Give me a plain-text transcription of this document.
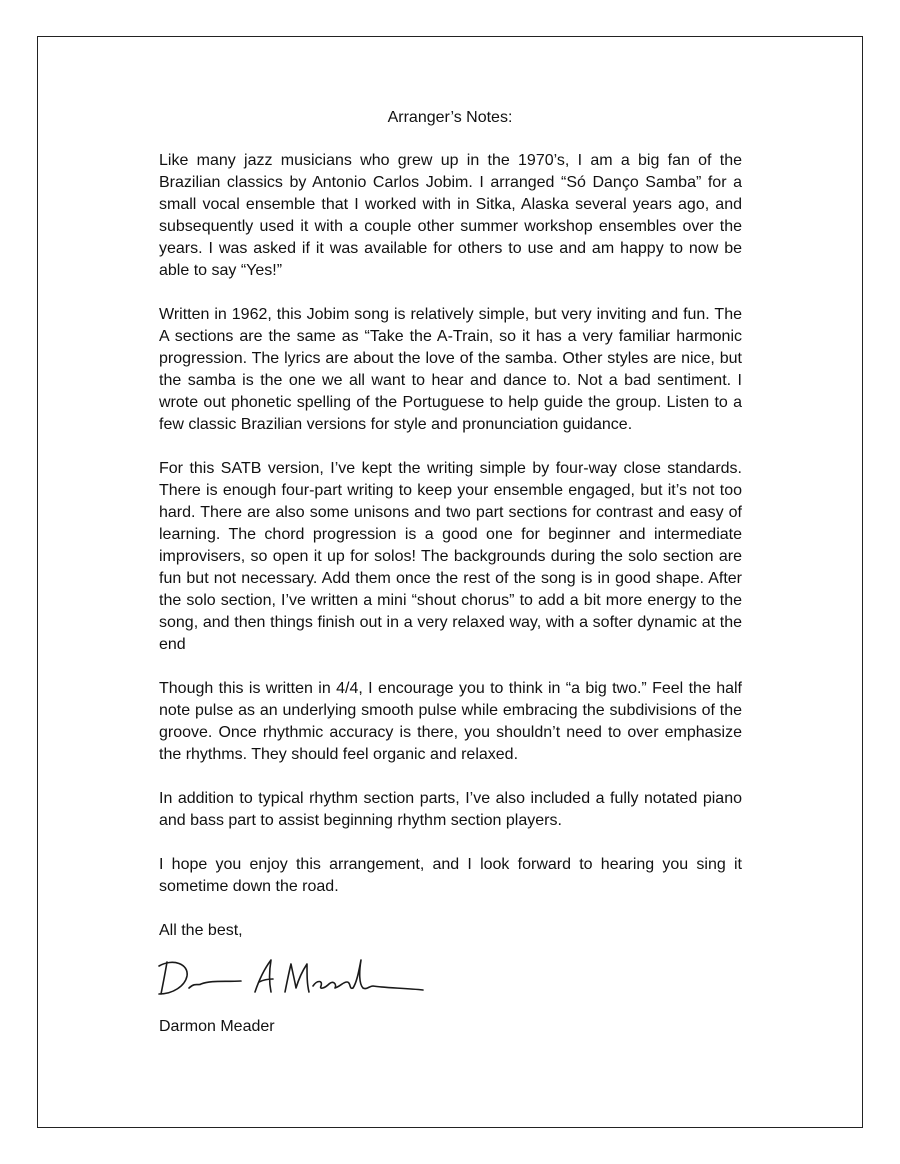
Arranger’s Notes:

Like many jazz musicians who grew up in the 1970’s, I am a big fan of the Brazilian classics by Antonio Carlos Jobim. I arranged “Só Danço Samba” for a small vocal ensemble that I worked with in Sitka, Alaska several years ago, and subsequently used it with a couple other summer workshop ensembles over the years. I was asked if it was available for others to use and am happy to now be able to say “Yes!”

Written in 1962, this Jobim song is relatively simple, but very inviting and fun. The A sections are the same as “Take the A-Train, so it has a very familiar harmonic progression. The lyrics are about the love of the samba. Other styles are nice, but the samba is the one we all want to hear and dance to. Not a bad sentiment. I wrote out phonetic spelling of the Portuguese to help guide the group. Listen to a few classic Brazilian versions for style and pronunciation guidance.

For this SATB version, I’ve kept the writing simple by four-way close standards. There is enough four-part writing to keep your ensemble engaged, but it’s not too hard. There are also some unisons and two part sections for contrast and easy of learning. The chord progression is a good one for beginner and intermediate improvisers, so open it up for solos! The backgrounds during the solo section are fun but not necessary. Add them once the rest of the song is in good shape. After the solo section, I’ve written a mini “shout chorus” to add a bit more energy to the song, and then things finish out in a very relaxed way, with a softer dynamic at the end

Though this is written in 4/4, I encourage you to think in “a big two.” Feel the half note pulse as an underlying smooth pulse while embracing the subdivisions of the groove. Once rhythmic accuracy is there, you shouldn’t need to over emphasize the rhythms. They should feel organic and relaxed.

In addition to typical rhythm section parts, I’ve also included a fully notated piano and bass part to assist beginning rhythm section players.

I hope you enjoy this arrangement, and I look forward to hearing you sing it sometime down the road.

All the best,
Darmon Meader
